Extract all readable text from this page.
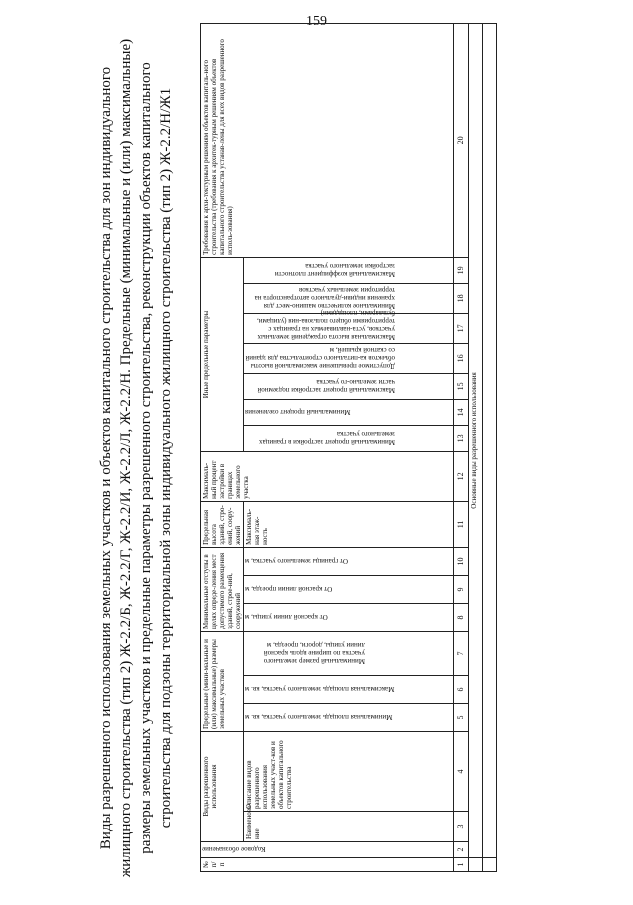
159
Виды разрешенного использования земельных участков и объектов капитального строительства для зон индивидуального жилищного строительства (тип 2) Ж-2.2/Б, Ж-2.2/Г, Ж-2.2/И, Ж-2.2/Л, Ж-2.2/Н. Предельные (минимальные и (или) максимальные) размеры земельных участков и предельные параметры разрешенного строительства, реконструкции объектов капитального строительства для подзоны территориальной зоны индивидуального жилищного строительства (тип 2) Ж-2.2/Н/Ж1
№ п/п	Кодовое обозначение	Виды разрешенного использования		Предельные (мини-мальные и (или) максимальные) размеры земельных участков			Минимальные отступы в целях опреде-ления мест допустимого размещения зданий, строе-ний, сооружений			Предельная высота зданий, стро-ений, соору-жений	Максималь-ный процент застройки в границах земельного участка	Иные предельные параметры							Требования к архи-тектурным решениям объектов капиталь-ного строительства (требования к архитек-турным решениям объектов капитального строительства устанав-лены для всех видов разрешенного исполь-зования)
		Наименова-ние	Описание видов разрешенного использования земельных участ-ков и объектов капитального строительства	Минимальная площадь земельного участка, кв. м	Максимальная площадь земельного участка, кв. м	Минимальный размер земельного участка по ширине вдоль красной линии улицы, дороги, проезда, м	От красной линии улицы, м	От красной линии проезда, м	От границы земельного участка, м	Максималь-ная этаж-ность		Минимальный процент застройки в границах земельного участка	Минимальный процент озеленения	Максимальный процент застройки подземной части земельно-го участка	Допустимое превышение максимальной высоты объектов ка-питального строительства для зданий со скатной крышей, м	Максимальная высота ограждений земельных участков, уста-навливаемых на границах с территориями общего пользова-ния (улицами, бульварами, площадями)	Минимальное количество машино-мест для хранения индиви-дуального автотранспорта на территории земельных участков	Максимальный коэффициент плотности застройки земельного участка	

1	2	3	4	5	6	7	8	9	10	11	12	13	14	15	16	17	18	19	20
	Основные виды разрешенного использования																		
